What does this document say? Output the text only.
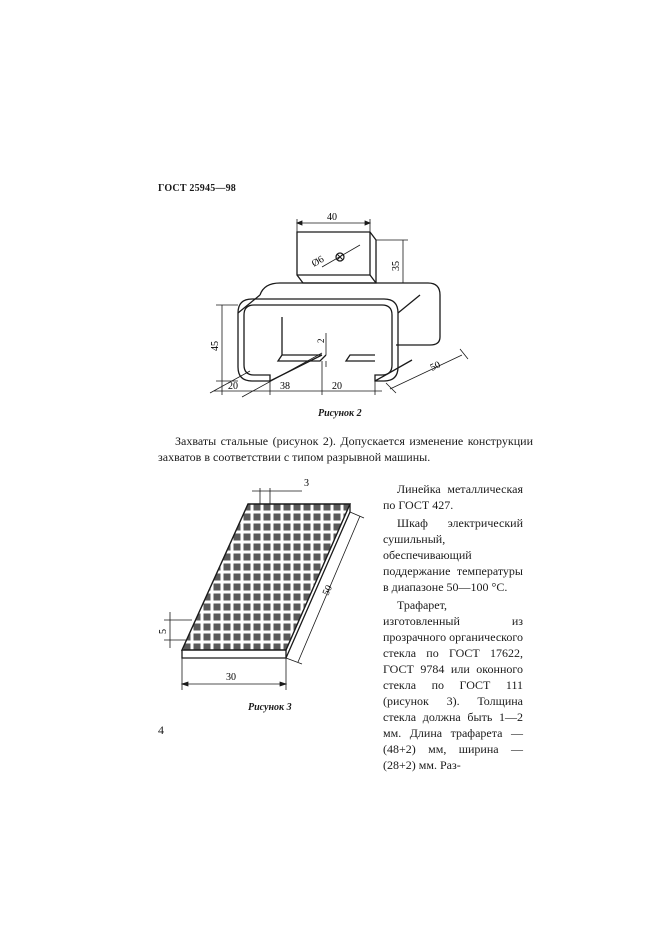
ГОСТ 25945—98
40
35
Ø6
45
2
20	38	20
50
Рисунок 2

Захваты стальные (рисунок 2). Допускается изменение конструкции захватов в соответствии с типом разрывной машины.

3
50
30
5
Рисунок 3

Линейка металлическая по ГОСТ 427.

Шкаф электрический сушильный, обеспечивающий поддержание температуры в диапазоне 50—100 °С.

Трафарет, изготовленный из прозрачного органического стекла по ГОСТ 17622, ГОСТ 9784 или оконного стекла по ГОСТ 111 (рисунок 3). Толщина стекла должна быть 1—2 мм. Длина трафарета — (48+2) мм, ширина — (28+2) мм. Раз-

4
